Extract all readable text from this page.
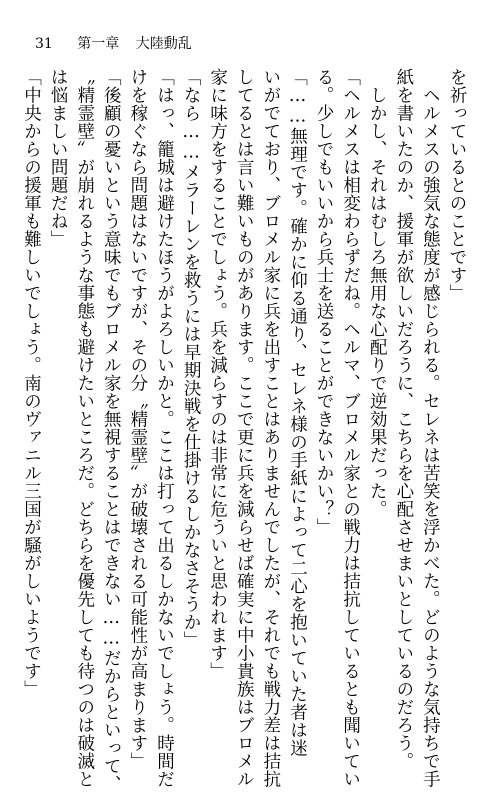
31 第一章 大陸動乱
を祈っているとのことです」
　ヘルメスの強気な態度が感じられる。セレネは苦笑を浮かべた。どのような気持ちで手
紙を書いたのか、援軍が欲しいだろうに、こちらを心配させまいとしているのだろう。
　しかし、それはむしろ無用な心配りで逆効果だった。
「ヘルメスは相変わらずだね。ヘルマ、ブロメル家との戦力は拮抗しているとも聞いてい
る。少しでもいいから兵士を送ることができないかい？」
「……無理です。確かに仰る通り、セレネ様の手紙によって二心を抱いていた者は迷
いがでており、ブロメル家に兵を出すことはありませんでしたが、それでも戦力差は拮抗
してるとは言い難いものがあります。ここで更に兵を減らせば確実に中小貴族はブロメル
家に味方をすることでしょう。兵を減らすのは非常に危ういと思われます」
「なら……メラーレンを救うには早期決戦を仕掛けるしかなさそうか」
「はっ、籠城は避けたほうがよろしいかと。ここは打って出るしかないでしょう。時間だ
けを稼ぐなら問題はないですが、その分〝精霊壁〟が破壊される可能性が高まります」
「後顧の憂いという意味でもブロメル家を無視することはできない……だからといって、
〝精霊壁〟が崩れるような事態も避けたいところだ。どちらを優先しても待つのは破滅と
は悩ましい問題だね」
「中央からの援軍も難しいでしょう。南のヴァニル三国が騒がしいようです」
